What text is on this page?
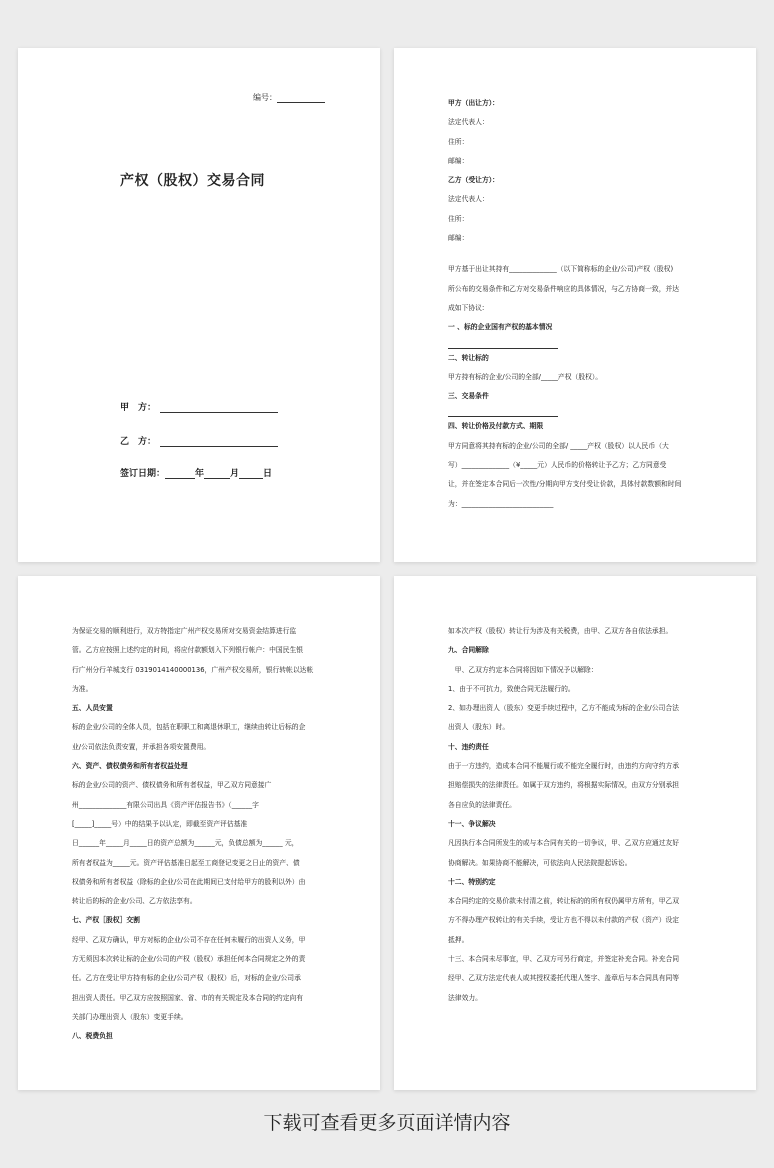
编号：
产权（股权）交易合同
甲　方：
乙　方：
签订日期：	年	月	日

甲方（出让方）：

法定代表人：

住所：

邮编：

乙方（受让方）：

法定代表人：

住所：

邮编：

甲方基于出让其持有______________（以下简称标的企业/公司)产权（股权)

所公布的交易条件和乙方对交易条件响应的具体情况，与乙方协商一致，并达

成如下协议:

一 、标的企业国有产权的基本情况

二、转让标的

甲方持有标的企业/公司的全部/_____产权（股权）。

三、交易条件

四、转让价格及付款方式、期限

甲方同意将其持有标的企业/公司的全部/ _____产权（股权）以人民币（大

写）______________（¥_____元）人民币的价格转让予乙方；乙方同意受

让，并在签定本合同后一次性/分期向甲方支付受让价款，具体付款数额和时间

为：___________________________

为保证交易的顺利进行，双方特指定广州产权交易所对交易资金结算进行监

管。乙方应按照上述约定的时间，将应付款额划入下列银行帐户：中国民生银

行广州分行羊城支行 0319014140000136，广州产权交易所，银行转帐以达帐

为准。

五、人员安置

标的企业/公司的全体人员，包括在职职工和离退休职工，继续由转让后标的企

业/公司依法负责安置，并承担各项安置费用。

六、资产、债权债务和所有者权益处理

标的企业/公司的资产、债权债务和所有者权益，甲乙双方同意接广

州______________有限公司出具《资产评估报告书》（______字

[_____]_____号）中的结果予以认定，即截至资产评估基准

日______年_____月_____日的资产总额为______元，负债总额为______ 元，

所有者权益为_____元。资产评估基准日起至工商登记变更之日止的资产、债

权债务和所有者权益（除标的企业/公司在此期间已支付给甲方的股利以外）由

转让后的标的企业/公司、乙方依法享有。

七、产权［股权］交割

经甲、乙双方确认，甲方对标的企业/公司不存在任何未履行的出资人义务，甲

方无须因本次转让标的企业/公司的产权（股权）承担任何本合同规定之外的责

任。乙方在受让甲方持有标的企业/公司产权（股权）后，对标的企业/公司承

担出资人责任。甲乙双方应按照国家、省、市的有关规定及本合同的约定向有

关部门办理出资人（股东）变更手续。

八、税费负担

如本次产权（股权）转让行为涉及有关税费，由甲、乙双方各自依法承担。

九、合同解除

　甲、乙双方约定本合同将因如下情况予以解除：

1、由于不可抗力，致使合同无法履行的。

2、如办理出资人（股东）变更手续过程中，乙方不能成为标的企业/公司合法

出资人（股东）时。

十、违约责任

由于一方违约，造成本合同不能履行或不能完全履行时，由违约方向守约方承

担赔偿损失的法律责任。如属于双方违约，将根据实际情况，由双方分别承担

各自应负的法律责任。

十一、争议解决

凡因执行本合同所发生的或与本合同有关的一切争议，甲、乙双方应通过友好

协商解决。如果协商不能解决，可依法向人民法院提起诉讼。

十二、特别约定

本合同约定的交易价款未付清之前，转让标的的所有权仍属甲方所有，甲乙双

方不得办理产权转让的有关手续，受让方也不得以未付款的产权（资产）设定

抵押。

十三、本合同未尽事宜，甲、乙双方可另行商定，并签定补充合同。补充合同

经甲、乙双方法定代表人或其授权委托代理人签字、盖章后与本合同具有同等

法律效力。

下载可查看更多页面详情内容
